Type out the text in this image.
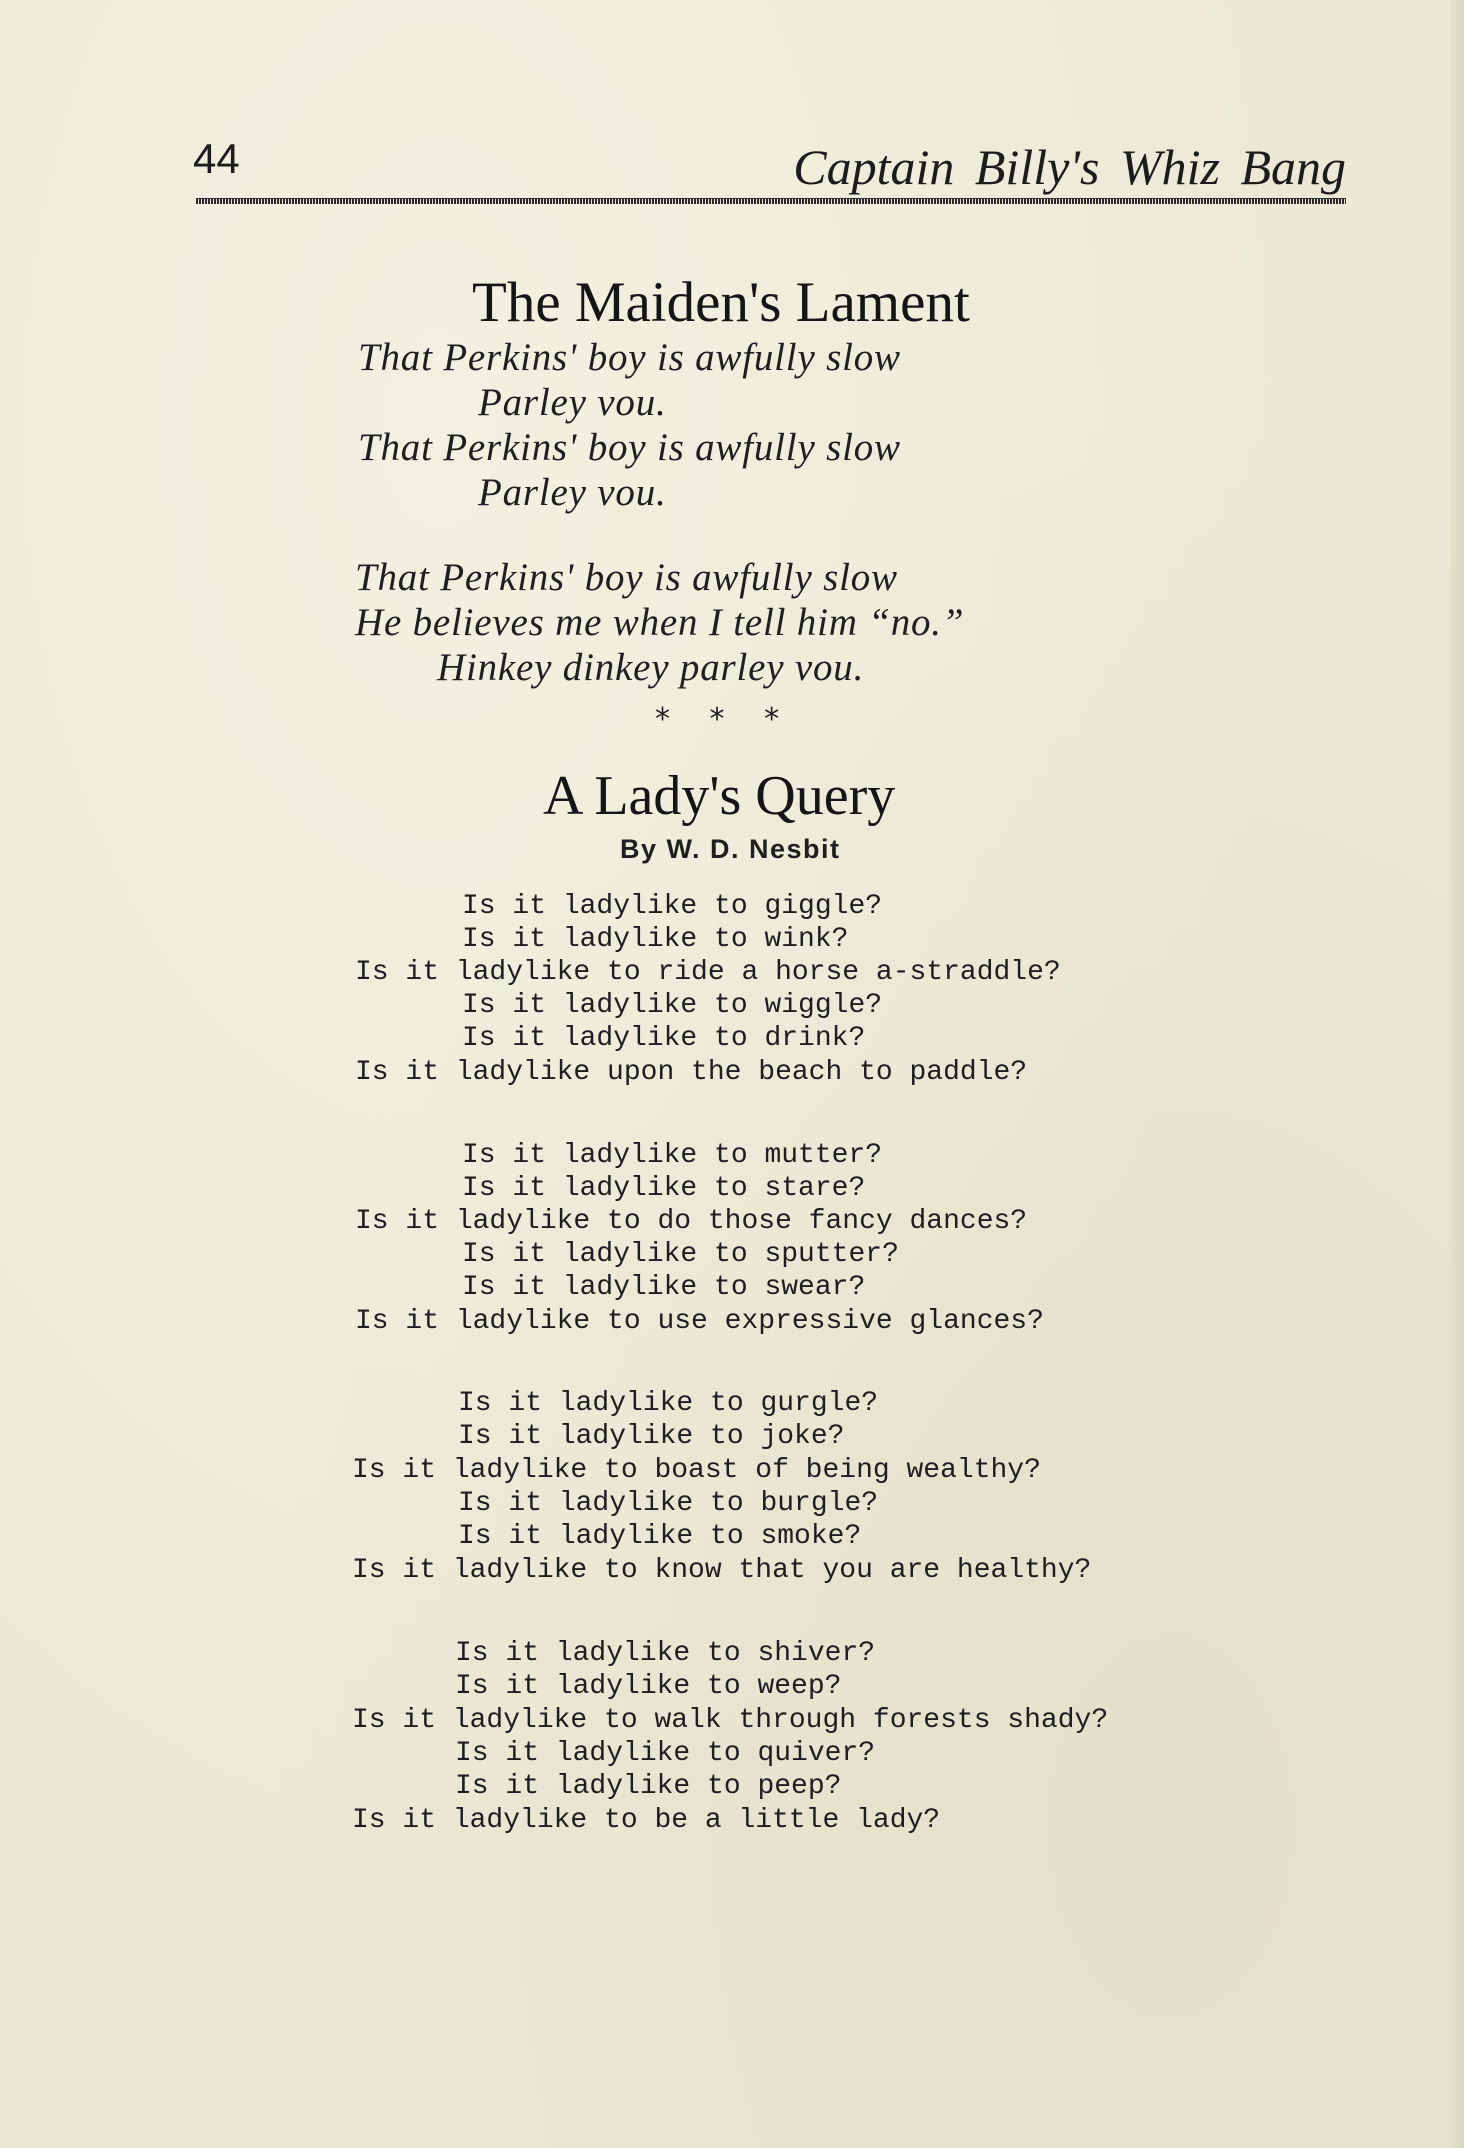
44	Captain Billy's Whiz Bang
The Maiden's Lament
That Perkins' boy is awfully slow
Parley vou.
That Perkins' boy is awfully slow
Parley vou.
That Perkins' boy is awfully slow
He believes me when I tell him “no.”
Hinkey dinkey parley vou.
* * *
A Lady's Query
By W. D. Nesbit
Is it ladylike to giggle?
Is it ladylike to wink?
Is it ladylike to ride a horse a-straddle?
Is it ladylike to wiggle?
Is it ladylike to drink?
Is it ladylike upon the beach to paddle?
Is it ladylike to mutter?
Is it ladylike to stare?
Is it ladylike to do those fancy dances?
Is it ladylike to sputter?
Is it ladylike to swear?
Is it ladylike to use expressive glances?
Is it ladylike to gurgle?
Is it ladylike to joke?
Is it ladylike to boast of being wealthy?
Is it ladylike to burgle?
Is it ladylike to smoke?
Is it ladylike to know that you are healthy?
Is it ladylike to shiver?
Is it ladylike to weep?
Is it ladylike to walk through forests shady?
Is it ladylike to quiver?
Is it ladylike to peep?
Is it ladylike to be a little lady?
